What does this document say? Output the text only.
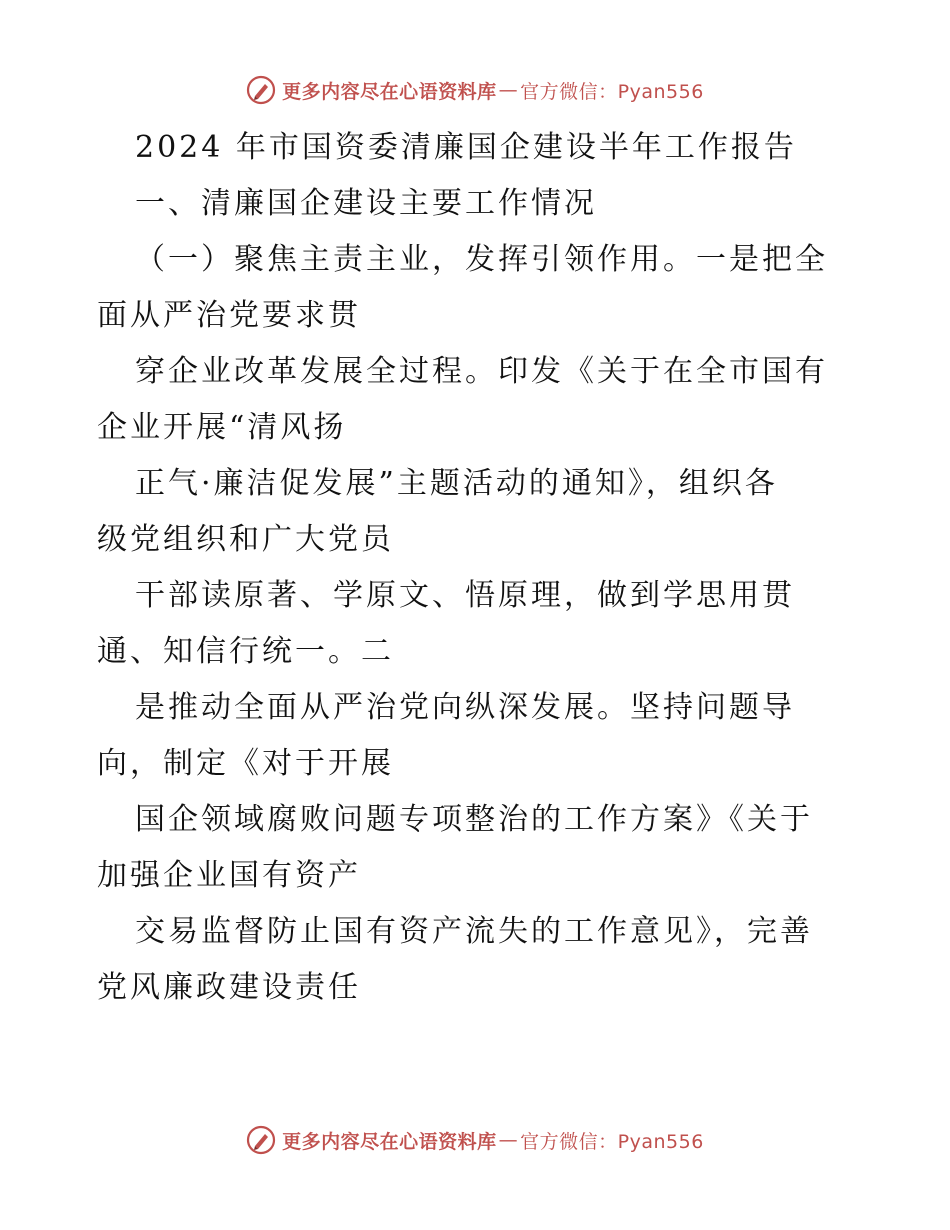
更多内容尽在心语资料库 — 官方微信：Pyan556

2024 年市国资委清廉国企建设半年工作报告

一、清廉国企建设主要工作情况

（一）聚焦主责主业，发挥引领作用。一是把全

面从严治党要求贯

穿企业改革发展全过程。印发《关于在全市国有

企业开展“清风扬

正气·廉洁促发展”主题活动的通知》，组织各

级党组织和广大党员

干部读原著、学原文、悟原理，做到学思用贯

通、知信行统一。二

是推动全面从严治党向纵深发展。坚持问题导

向，制定《对于开展

国企领域腐败问题专项整治的工作方案》《关于

加强企业国有资产

交易监督防止国有资产流失的工作意见》，完善

党风廉政建设责任

更多内容尽在心语资料库 — 官方微信：Pyan556
